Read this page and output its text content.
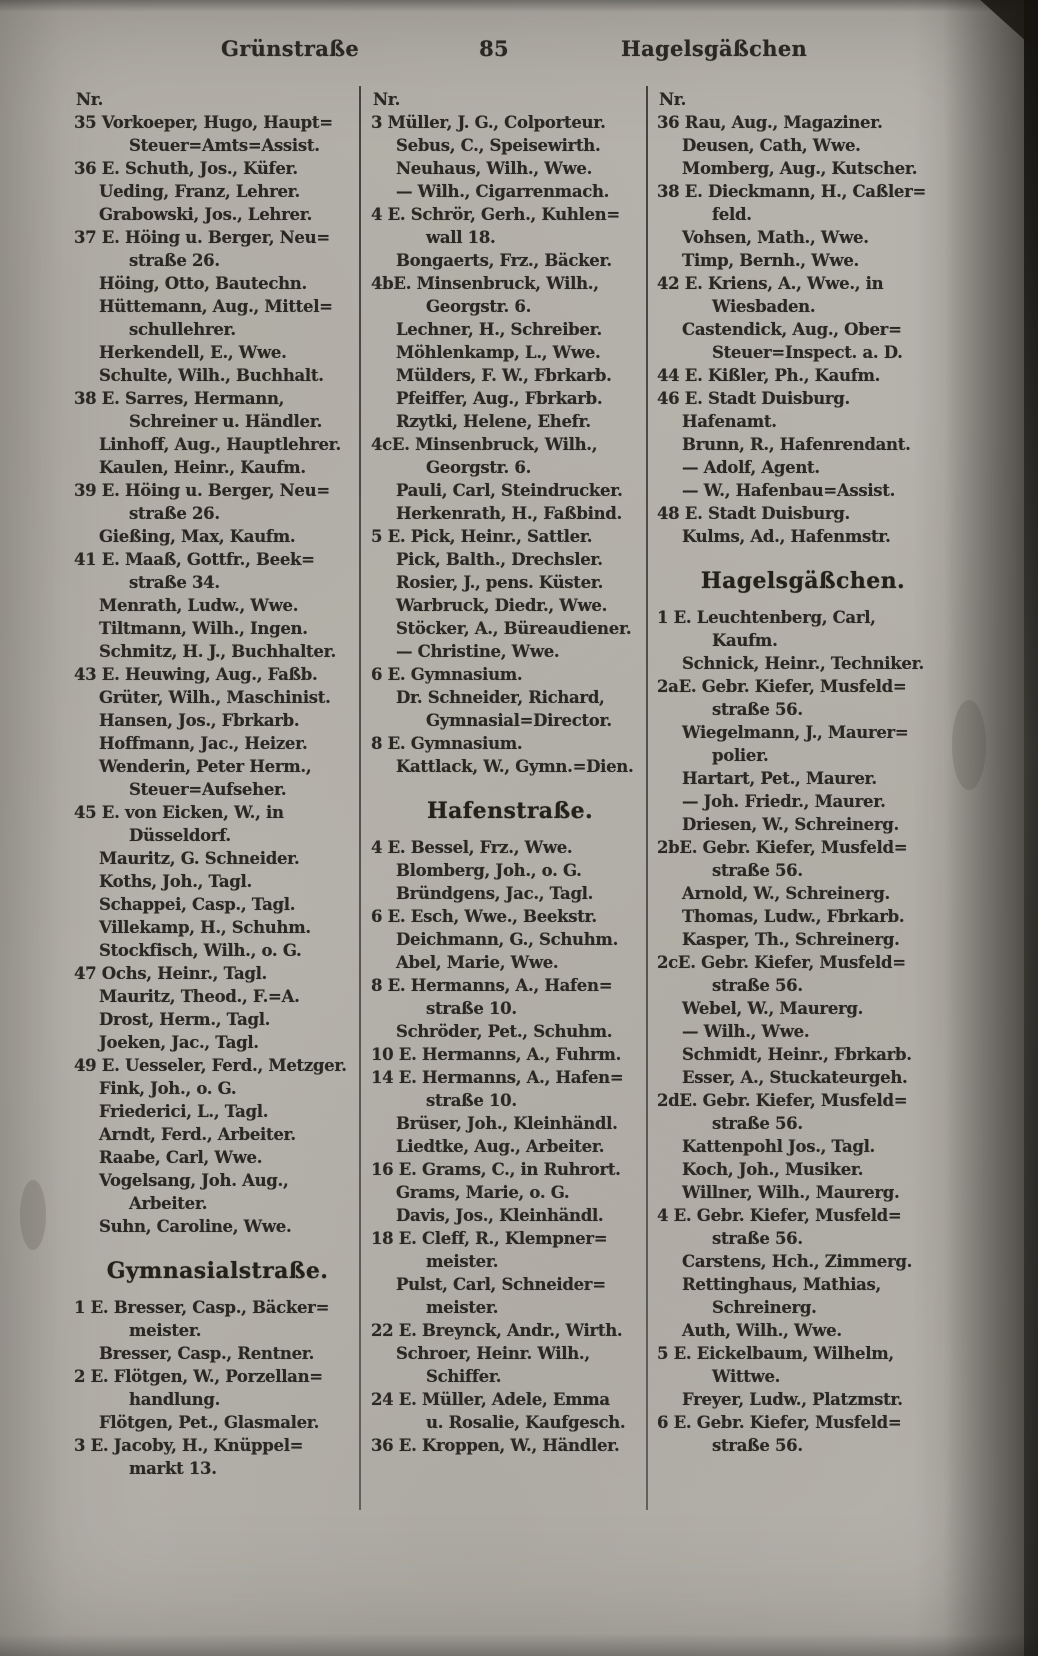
Grünstraße	85	Hagelsgäßchen
Nr.
35 Vorkoeper, Hugo, Haupt=
Steuer=Amts=Assist.
36 E. Schuth, Jos., Küfer.
Ueding, Franz, Lehrer.
Grabowski, Jos., Lehrer.
37 E. Höing u. Berger, Neu=
straße 26.
Höing, Otto, Bautechn.
Hüttemann, Aug., Mittel=
schullehrer.
Herkendell, E., Wwe.
Schulte, Wilh., Buchhalt.
38 E. Sarres, Hermann,
Schreiner u. Händler.
Linhoff, Aug., Hauptlehrer.
Kaulen, Heinr., Kaufm.
39 E. Höing u. Berger, Neu=
straße 26.
Gießing, Max, Kaufm.
41 E. Maaß, Gottfr., Beek=
straße 34.
Menrath, Ludw., Wwe.
Tiltmann, Wilh., Ingen.
Schmitz, H. J., Buchhalter.
43 E. Heuwing, Aug., Faßb.
Grüter, Wilh., Maschinist.
Hansen, Jos., Fbrkarb.
Hoffmann, Jac., Heizer.
Wenderin, Peter Herm.,
Steuer=Aufseher.
45 E. von Eicken, W., in
Düsseldorf.
Mauritz, G. Schneider.
Koths, Joh., Tagl.
Schappei, Casp., Tagl.
Villekamp, H., Schuhm.
Stockfisch, Wilh., o. G.
47 Ochs, Heinr., Tagl.
Mauritz, Theod., F.=A.
Drost, Herm., Tagl.
Joeken, Jac., Tagl.
49 E. Uesseler, Ferd., Metzger.
Fink, Joh., o. G.
Friederici, L., Tagl.
Arndt, Ferd., Arbeiter.
Raabe, Carl, Wwe.
Vogelsang, Joh. Aug.,
Arbeiter.
Suhn, Caroline, Wwe.
Gymnasialstraße.
1 E. Bresser, Casp., Bäcker=
meister.
Bresser, Casp., Rentner.
2 E. Flötgen, W., Porzellan=
handlung.
Flötgen, Pet., Glasmaler.
3 E. Jacoby, H., Knüppel=
markt 13.
Nr.
3 Müller, J. G., Colporteur.
Sebus, C., Speisewirth.
Neuhaus, Wilh., Wwe.
— Wilh., Cigarrenmach.
4 E. Schrör, Gerh., Kuhlen=
wall 18.
Bongaerts, Frz., Bäcker.
4bE. Minsenbruck, Wilh.,
Georgstr. 6.
Lechner, H., Schreiber.
Möhlenkamp, L., Wwe.
Mülders, F. W., Fbrkarb.
Pfeiffer, Aug., Fbrkarb.
Rzytki, Helene, Ehefr.
4cE. Minsenbruck, Wilh.,
Georgstr. 6.
Pauli, Carl, Steindrucker.
Herkenrath, H., Faßbind.
5 E. Pick, Heinr., Sattler.
Pick, Balth., Drechsler.
Rosier, J., pens. Küster.
Warbruck, Diedr., Wwe.
Stöcker, A., Büreaudiener.
— Christine, Wwe.
6 E. Gymnasium.
Dr. Schneider, Richard,
Gymnasial=Director.
8 E. Gymnasium.
Kattlack, W., Gymn.=Dien.
Hafenstraße.
4 E. Bessel, Frz., Wwe.
Blomberg, Joh., o. G.
Bründgens, Jac., Tagl.
6 E. Esch, Wwe., Beekstr.
Deichmann, G., Schuhm.
Abel, Marie, Wwe.
8 E. Hermanns, A., Hafen=
straße 10.
Schröder, Pet., Schuhm.
10 E. Hermanns, A., Fuhrm.
14 E. Hermanns, A., Hafen=
straße 10.
Brüser, Joh., Kleinhändl.
Liedtke, Aug., Arbeiter.
16 E. Grams, C., in Ruhrort.
Grams, Marie, o. G.
Davis, Jos., Kleinhändl.
18 E. Cleff, R., Klempner=
meister.
Pulst, Carl, Schneider=
meister.
22 E. Breynck, Andr., Wirth.
Schroer, Heinr. Wilh.,
Schiffer.
24 E. Müller, Adele, Emma
u. Rosalie, Kaufgesch.
36 E. Kroppen, W., Händler.
Nr.
36 Rau, Aug., Magaziner.
Deusen, Cath, Wwe.
Momberg, Aug., Kutscher.
38 E. Dieckmann, H., Caßler=
feld.
Vohsen, Math., Wwe.
Timp, Bernh., Wwe.
42 E. Kriens, A., Wwe., in
Wiesbaden.
Castendick, Aug., Ober=
Steuer=Inspect. a. D.
44 E. Kißler, Ph., Kaufm.
46 E. Stadt Duisburg.
Hafenamt.
Brunn, R., Hafenrendant.
— Adolf, Agent.
— W., Hafenbau=Assist.
48 E. Stadt Duisburg.
Kulms, Ad., Hafenmstr.
Hagelsgäßchen.
1 E. Leuchtenberg, Carl,
Kaufm.
Schnick, Heinr., Techniker.
2aE. Gebr. Kiefer, Musfeld=
straße 56.
Wiegelmann, J., Maurer=
polier.
Hartart, Pet., Maurer.
— Joh. Friedr., Maurer.
Driesen, W., Schreinerg.
2bE. Gebr. Kiefer, Musfeld=
straße 56.
Arnold, W., Schreinerg.
Thomas, Ludw., Fbrkarb.
Kasper, Th., Schreinerg.
2cE. Gebr. Kiefer, Musfeld=
straße 56.
Webel, W., Maurerg.
— Wilh., Wwe.
Schmidt, Heinr., Fbrkarb.
Esser, A., Stuckateurgeh.
2dE. Gebr. Kiefer, Musfeld=
straße 56.
Kattenpohl Jos., Tagl.
Koch, Joh., Musiker.
Willner, Wilh., Maurerg.
4 E. Gebr. Kiefer, Musfeld=
straße 56.
Carstens, Hch., Zimmerg.
Rettinghaus, Mathias,
Schreinerg.
Auth, Wilh., Wwe.
5 E. Eickelbaum, Wilhelm,
Wittwe.
Freyer, Ludw., Platzmstr.
6 E. Gebr. Kiefer, Musfeld=
straße 56.
